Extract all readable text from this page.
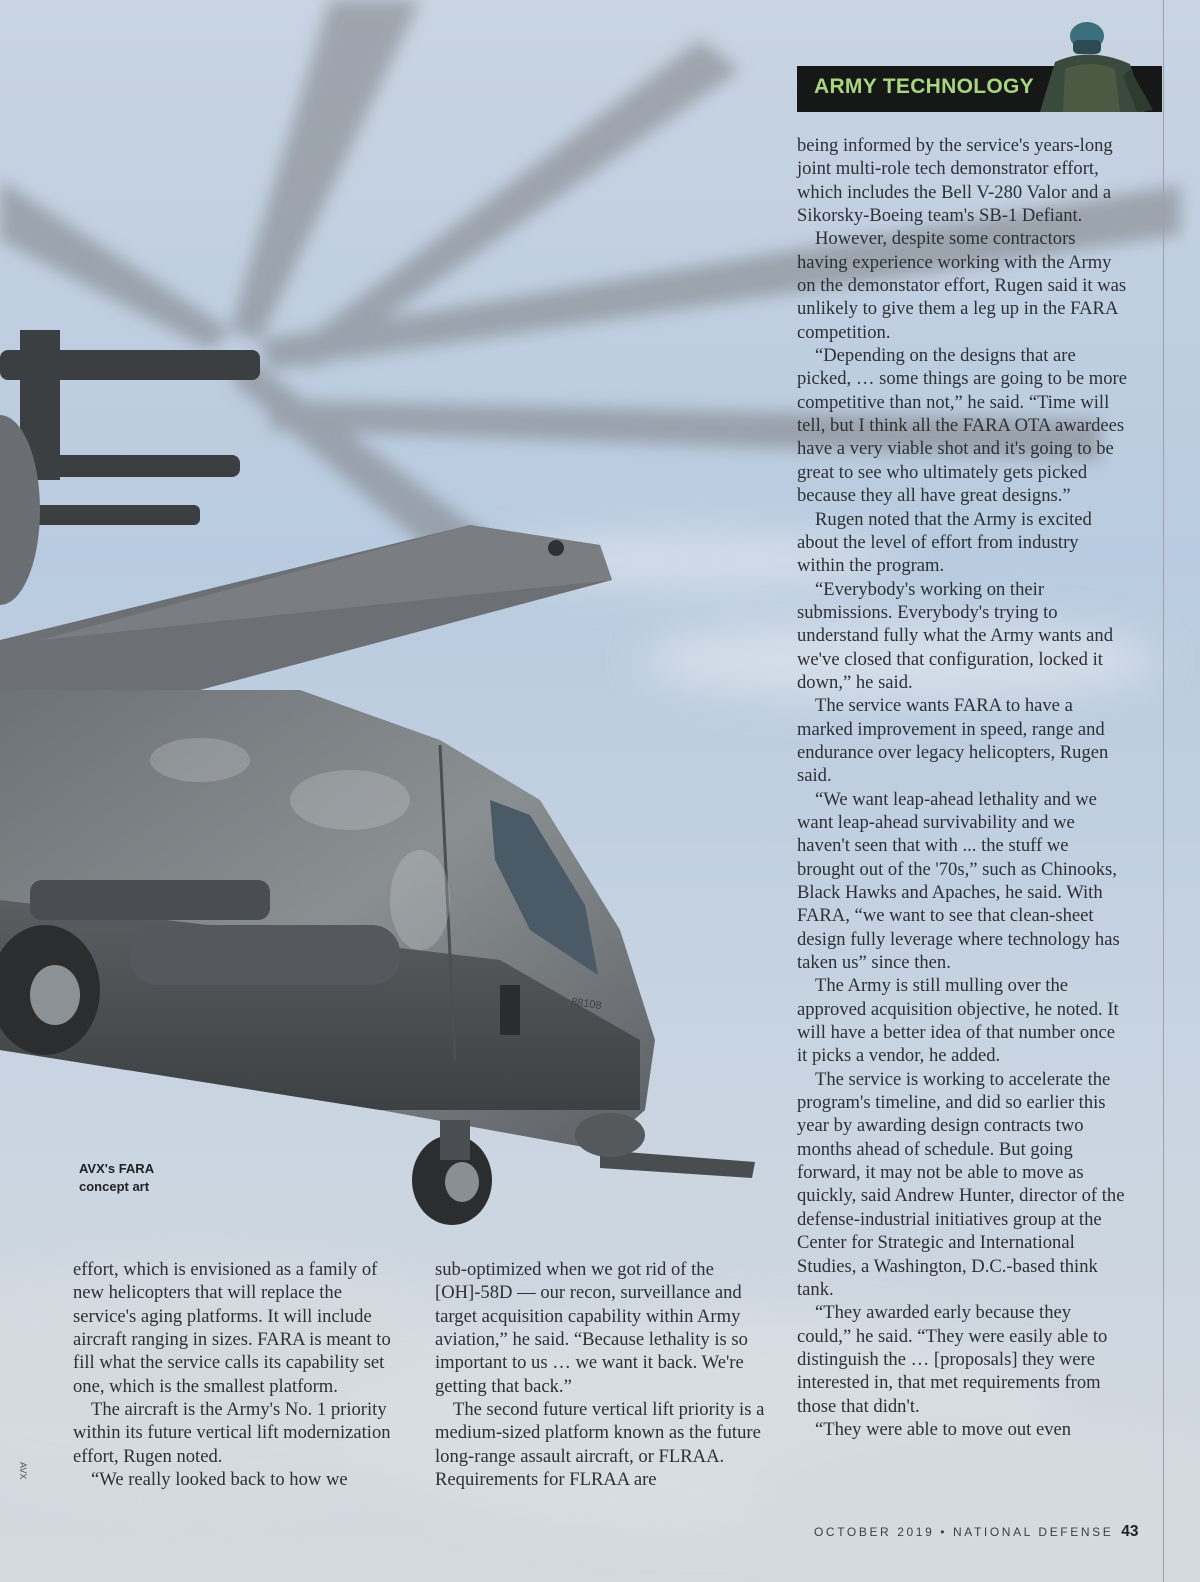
88108
ARMY TECHNOLOGY
AVX's FARA concept art
AVX

effort, which is envisioned as a family of new helicopters that will replace the service's aging platforms. It will include aircraft ranging in sizes. FARA is meant to fill what the service calls its capability set one, which is the smallest platform.

The aircraft is the Army's No. 1 priority within its future vertical lift modernization effort, Rugen noted.

“We really looked back to how we

sub-optimized when we got rid of the [OH]-58D — our recon, surveillance and target acquisition capability within Army aviation,” he said. “Because lethality is so important to us … we want it back. We're getting that back.”

The second future vertical lift priority is a medium-sized platform known as the future long-range assault aircraft, or FLRAA. Requirements for FLRAA are

being informed by the service's years-long joint multi-role tech demonstrator effort, which includes the Bell V-280 Valor and a Sikorsky-Boeing team's SB-1 Defiant.

However, despite some contractors having experience working with the Army on the demonstator effort, Rugen said it was unlikely to give them a leg up in the FARA competition.

“Depending on the designs that are picked, … some things are going to be more competitive than not,” he said. “Time will tell, but I think all the FARA OTA awardees have a very viable shot and it's going to be great to see who ultimately gets picked because they all have great designs.”

Rugen noted that the Army is excited about the level of effort from industry within the program.

“Everybody's working on their submissions. Everybody's trying to understand fully what the Army wants and we've closed that configuration, locked it down,” he said.

The service wants FARA to have a marked improvement in speed, range and endurance over legacy helicopters, Rugen said.

“We want leap-ahead lethality and we want leap-ahead survivability and we haven't seen that with ... the stuff we brought out of the '70s,” such as Chinooks, Black Hawks and Apaches, he said. With FARA, “we want to see that clean-sheet design fully leverage where technology has taken us” since then.

The Army is still mulling over the approved acquisition objective, he noted. It will have a better idea of that number once it picks a vendor, he added.

The service is working to accelerate the program's timeline, and did so earlier this year by awarding design contracts two months ahead of schedule. But going forward, it may not be able to move as quickly, said Andrew Hunter, director of the defense-industrial initiatives group at the Center for Strategic and International Studies, a Washington, D.C.-based think tank.

“They awarded early because they could,” he said. “They were easily able to distinguish the … [proposals] they were interested in, that met requirements from those that didn't.

“They were able to move out even

OCTOBER 2019 • NATIONAL DEFENSE 43
